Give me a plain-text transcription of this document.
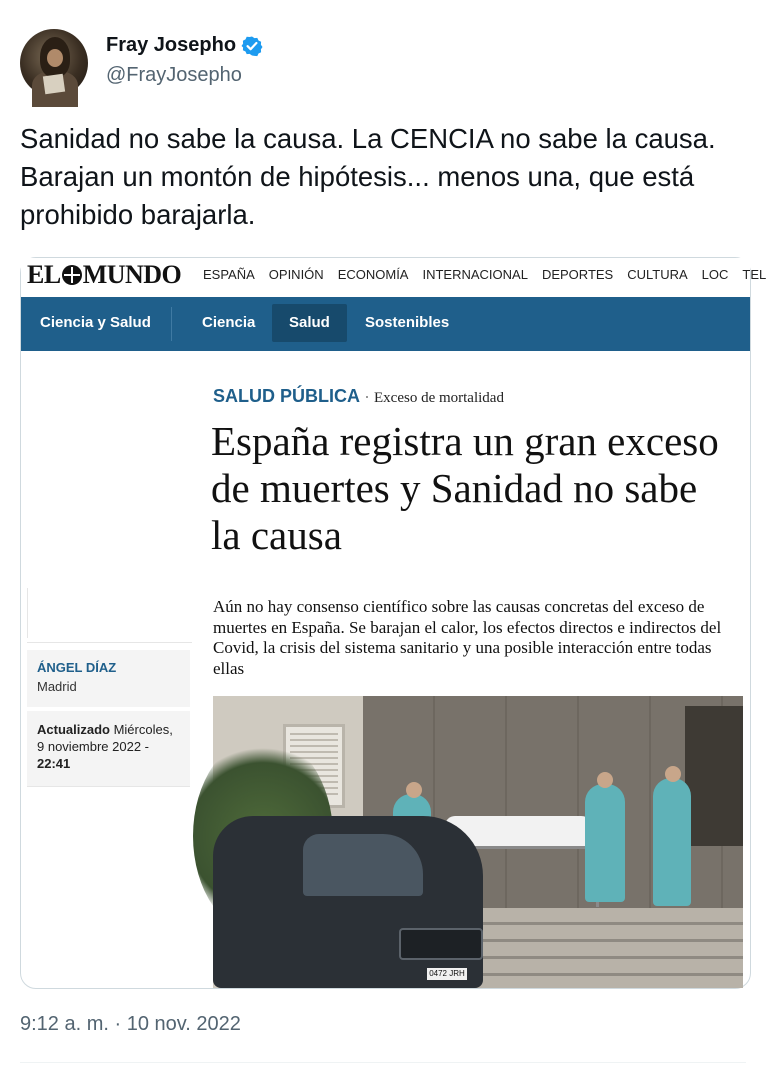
Fray Josepho
@FrayJosepho

Sanidad no sabe la causa. La CENCIA no sabe la causa. Barajan un montón de hipótesis... menos una, que está prohibido barajarla.

EL MUNDO ESPAÑA OPINIÓN ECONOMÍA INTERNACIONAL DEPORTES CULTURA LOC TEL
Ciencia y Salud	Ciencia	Salud	Sostenibles
ÁNGEL DÍAZ
Madrid
Actualizado Miércoles, 9 noviembre 2022 -
22:41
SALUD PÚBLICA · Exceso de mortalidad
España registra un gran exceso de muertes y Sanidad no sabe la causa

Aún no hay consenso científico sobre las causas concretas del exceso de muertes en España. Se barajan el calor, los efectos directos e indirectos del Covid, la crisis del sistema sanitario y una posible interacción entre todas ellas

0472 JRH
9:12 a. m. · 10 nov. 2022
